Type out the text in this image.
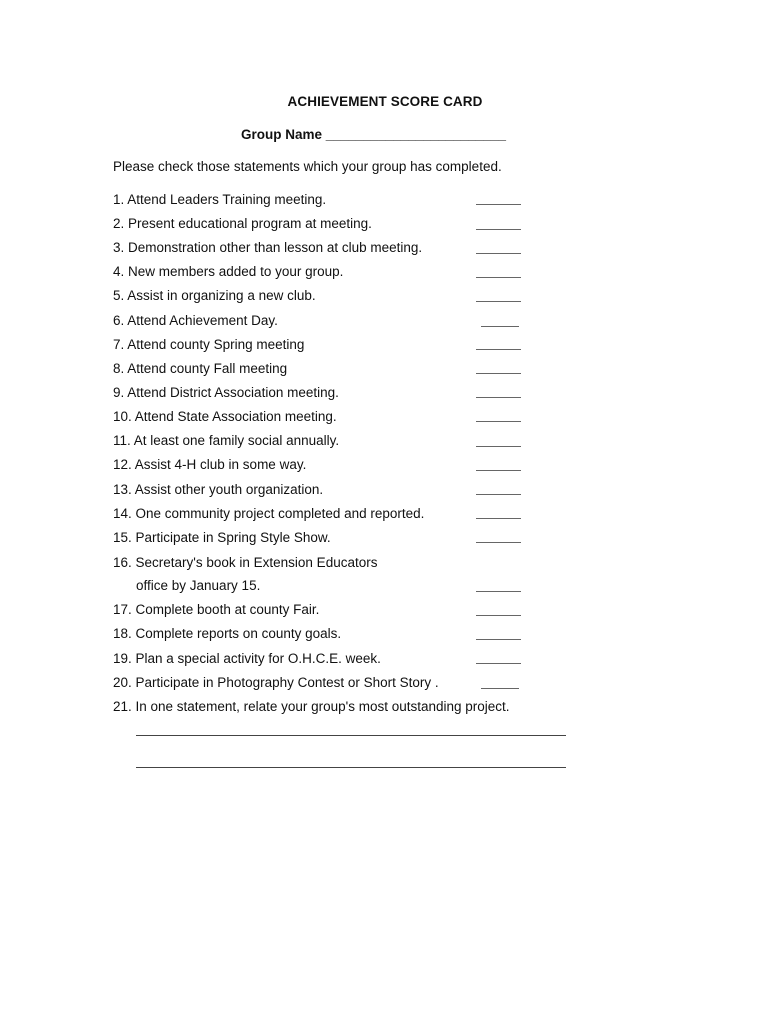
ACHIEVEMENT SCORE CARD
Group Name ________________________
Please check those statements which your group has completed.
1. Attend Leaders Training meeting.
2. Present educational program at meeting.
3. Demonstration other than lesson at club meeting.
4. New members added to your group.
5. Assist in organizing a new club.
6. Attend Achievement Day.
7. Attend county Spring meeting
8. Attend county Fall meeting
9. Attend District Association meeting.
10. Attend State Association meeting.
11. At least one family social annually.
12. Assist 4-H club in some way.
13. Assist other youth organization.
14. One community project completed and reported.
15. Participate in Spring Style Show.
16. Secretary's book in Extension Educators
office by January 15.
17. Complete booth at county Fair.
18. Complete reports on county goals.
19. Plan a special activity for O.H.C.E. week.
20. Participate in Photography Contest or Short Story .
21. In one statement, relate your group's most outstanding project.
